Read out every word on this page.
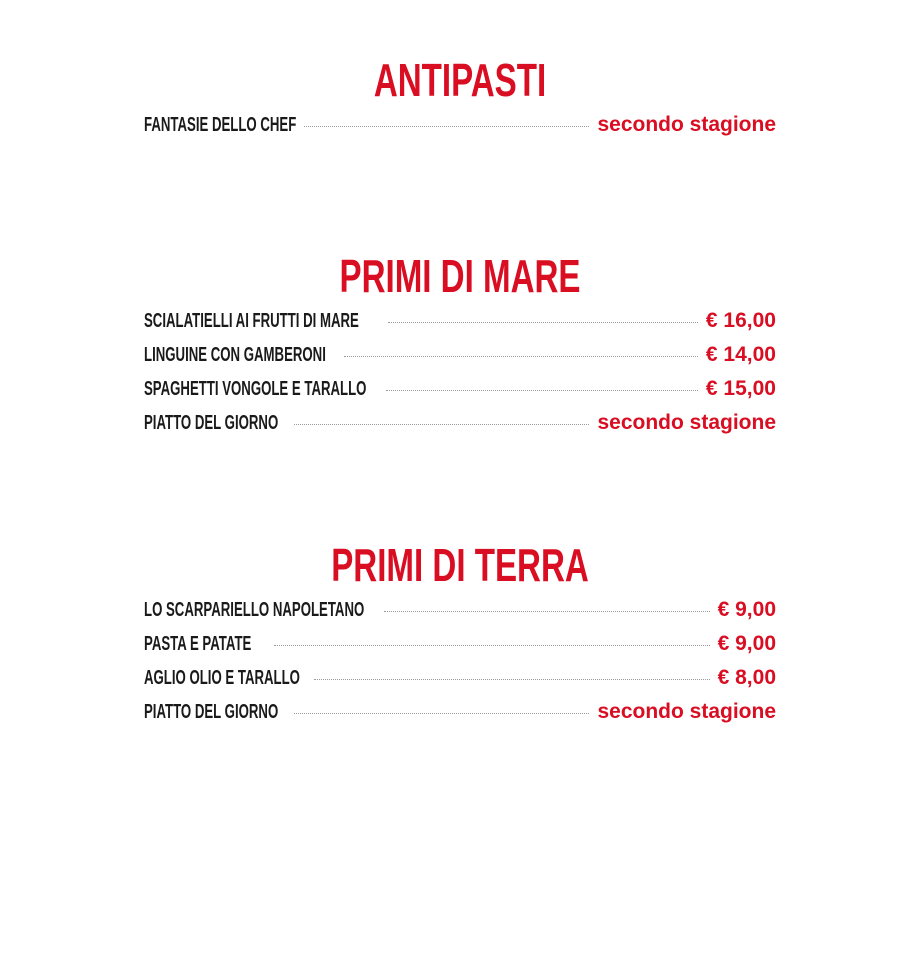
ANTIPASTI
FANTASIE DELLO CHEF	secondo stagione
PRIMI DI MARE
SCIALATIELLI AI FRUTTI DI MARE	€ 16,00
LINGUINE CON GAMBERONI	€ 14,00
SPAGHETTI VONGOLE E TARALLO	€ 15,00
PIATTO DEL GIORNO	secondo stagione
PRIMI DI TERRA
LO SCARPARIELLO NAPOLETANO	€ 9,00
PASTA E PATATE	€ 9,00
AGLIO OLIO E TARALLO	€ 8,00
PIATTO DEL GIORNO	secondo stagione
